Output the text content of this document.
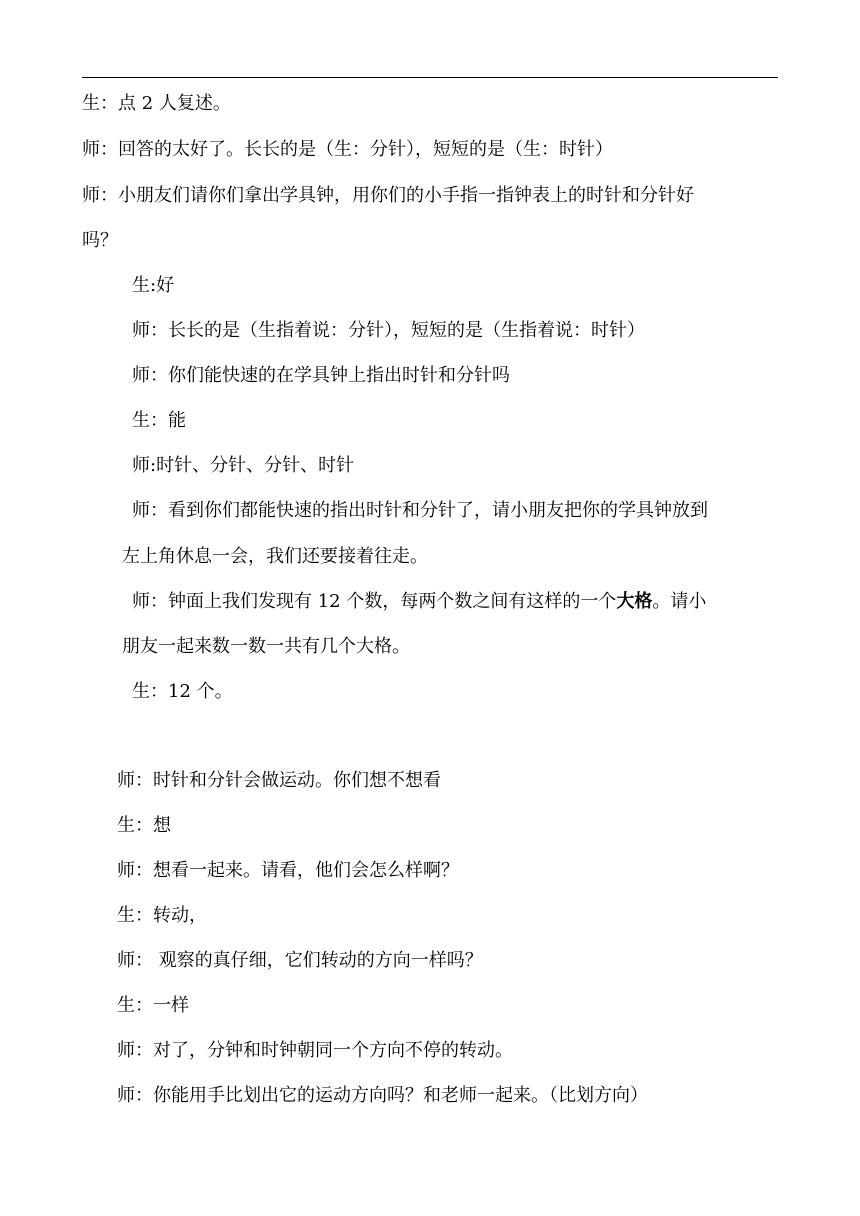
生：点 2 人复述。
师：回答的太好了。长长的是（生：分针），短短的是（生：时针）
师：小朋友们请你们拿出学具钟，用你们的小手指一指钟表上的时针和分针好
吗？
生:好
师：长长的是（生指着说：分针），短短的是（生指着说：时针）
师：你们能快速的在学具钟上指出时针和分针吗
生：能
师:时针、分针、分针、时针
师：看到你们都能快速的指出时针和分针了，请小朋友把你的学具钟放到
左上角休息一会，我们还要接着往走。
师：钟面上我们发现有 12 个数，每两个数之间有这样的一个大格。请小
朋友一起来数一数一共有几个大格。
生：12 个。
师：时针和分针会做运动。你们想不想看
生：想
师：想看一起来。请看，他们会怎么样啊？
生：转动，
师： 观察的真仔细，它们转动的方向一样吗？
生：一样
师：对了，分钟和时钟朝同一个方向不停的转动。
师：你能用手比划出它的运动方向吗？和老师一起来。（比划方向）
